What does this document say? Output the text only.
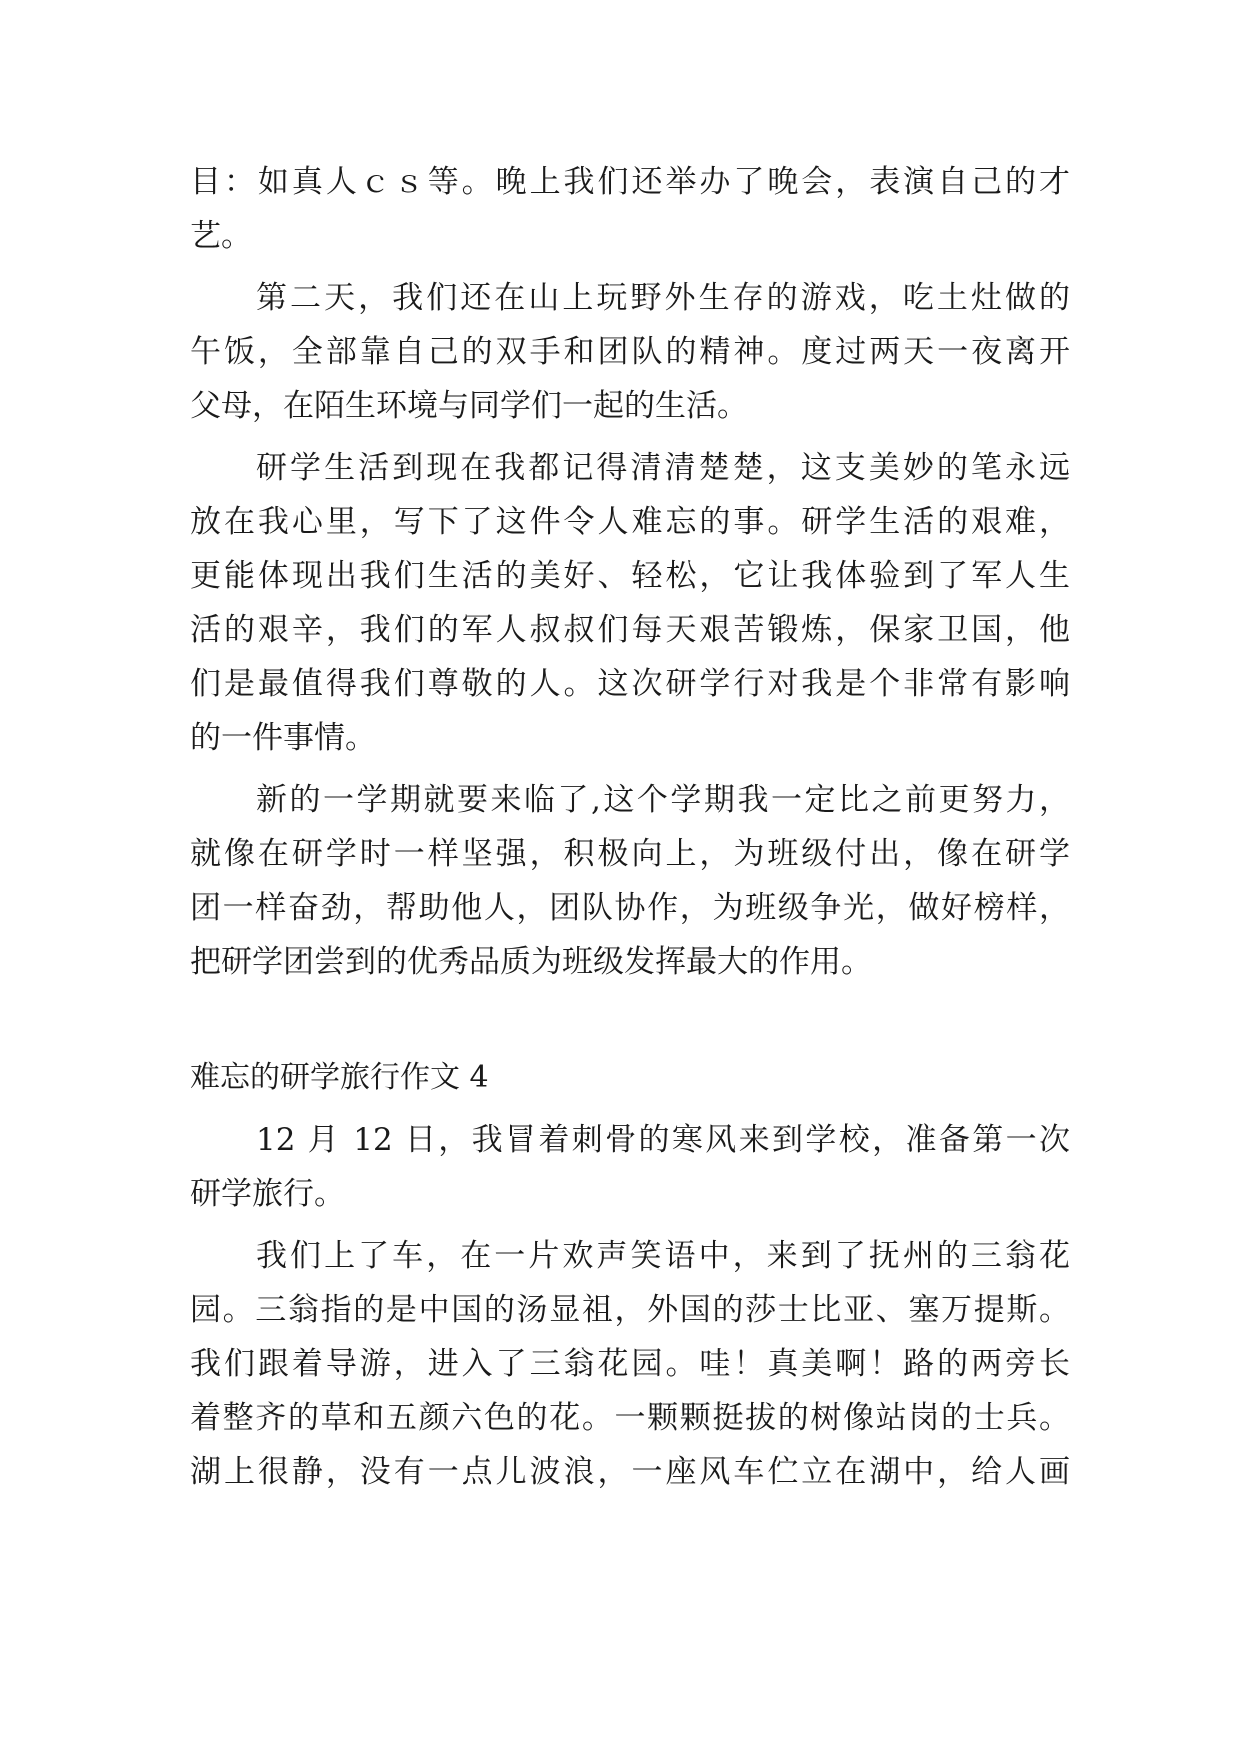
目：如真人ｃｓ等。晚上我们还举办了晚会，表演自己的才

艺。

第二天，我们还在山上玩野外生存的游戏，吃土灶做的

午饭，全部靠自己的双手和团队的精神。度过两天一夜离开

父母，在陌生环境与同学们一起的生活。

研学生活到现在我都记得清清楚楚，这支美妙的笔永远

放在我心里，写下了这件令人难忘的事。研学生活的艰难，

更能体现出我们生活的美好、轻松，它让我体验到了军人生

活的艰辛，我们的军人叔叔们每天艰苦锻炼，保家卫国，他

们是最值得我们尊敬的人。这次研学行对我是个非常有影响

的一件事情。

新的一学期就要来临了,这个学期我一定比之前更努力，

就像在研学时一样坚强，积极向上，为班级付出，像在研学

团一样奋劲，帮助他人，团队协作，为班级争光，做好榜样，

把研学团尝到的优秀品质为班级发挥最大的作用。

难忘的研学旅行作文 4

12 月 12 日，我冒着刺骨的寒风来到学校，准备第一次

研学旅行。

我们上了车，在一片欢声笑语中，来到了抚州的三翁花

园。三翁指的是中国的汤显祖，外国的莎士比亚、塞万提斯。

我们跟着导游，进入了三翁花园。哇！真美啊！路的两旁长

着整齐的草和五颜六色的花。一颗颗挺拔的树像站岗的士兵。

湖上很静，没有一点儿波浪，一座风车伫立在湖中，给人画
